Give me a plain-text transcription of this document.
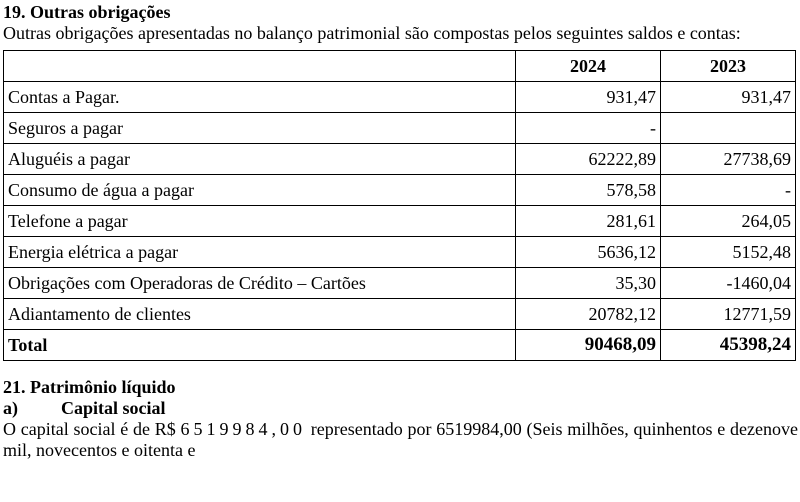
19. Outras obrigações

Outras obrigações apresentadas no balanço patrimonial são compostas pelos seguintes saldos e contas:

	2024	2023
Contas a Pagar.	931,47	931,47
Seguros a pagar	-	
Aluguéis a pagar	62222,89	27738,69
Consumo de água a pagar	578,58	-
Telefone a pagar	281,61	264,05
Energia elétrica a pagar	5636,12	5152,48
Obrigações com Operadoras de Crédito – Cartões	35,30	-1460,04
Adiantamento de clientes	20782,12	12771,59
Total	90468,09	45398,24

21. Patrimônio líquido

a)	Capital social

O capital social é de R$ 6519984,00 representado por 6519984,00 (Seis milhões, quinhentos e dezenove mil, novecentos e oitenta e
